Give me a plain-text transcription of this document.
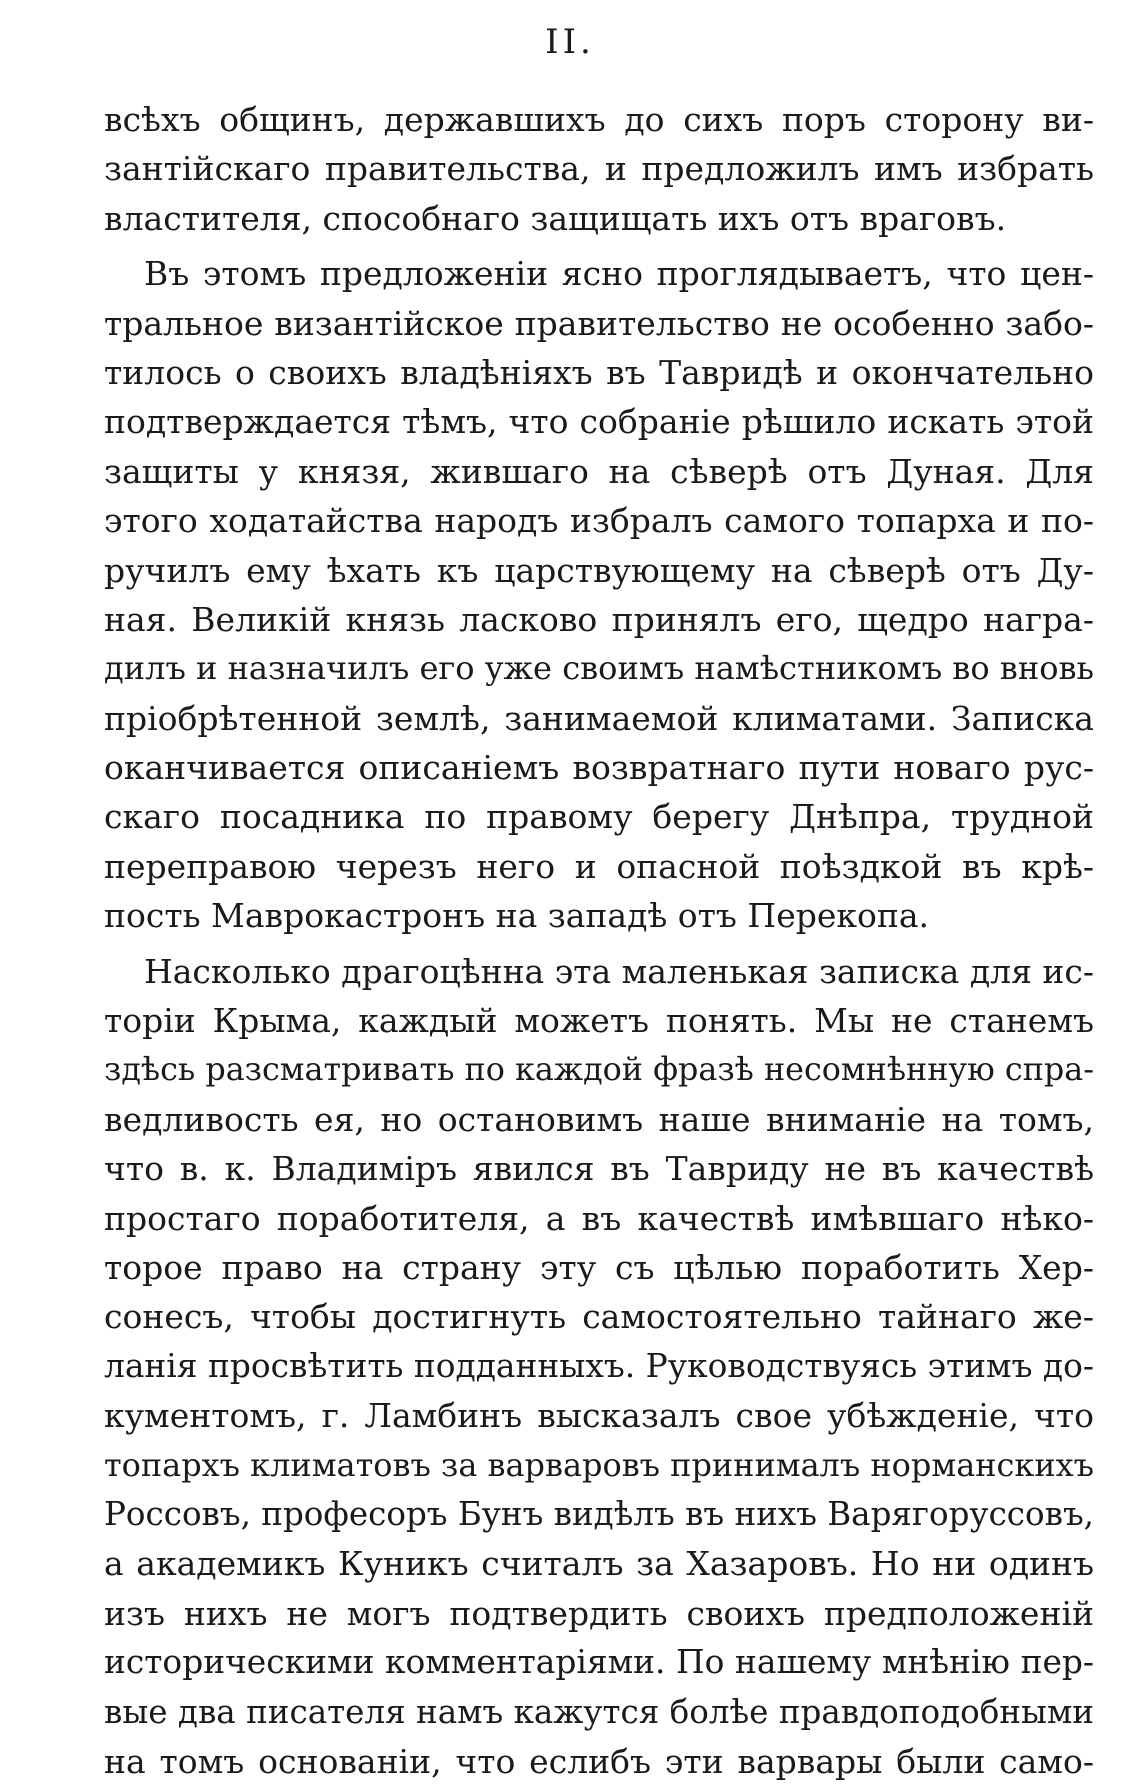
II.
всѣхъ общинъ, державшихъ до сихъ поръ сторону ви-
зантійскаго правительства, и предложилъ имъ избрать
властителя, способнаго защищать ихъ отъ враговъ.
Въ этомъ предложеніи ясно проглядываетъ, что цен-
тральное византійское правительство не особенно забо-
тилось о своихъ владѣніяхъ въ Тавридѣ и окончательно
подтверждается тѣмъ, что собраніе рѣшило искать этой
защиты у князя, жившаго на сѣверѣ отъ Дуная. Для
этого ходатайства народъ избралъ самого топарха и по-
ручилъ ему ѣхать къ царствующему на сѣверѣ отъ Ду-
ная. Великій князь ласково принялъ его, щедро награ-
дилъ и назначилъ его уже своимъ намѣстникомъ во вновь
пріобрѣтенной землѣ, занимаемой климатами. Записка
оканчивается описаніемъ возвратнаго пути новаго рус-
скаго посадника по правому берегу Днѣпра, трудной
переправою черезъ него и опасной поѣздкой въ крѣ-
пость Маврокастронъ на западѣ отъ Перекопа.
Насколько драгоцѣнна эта маленькая записка для ис-
торіи Крыма, каждый можетъ понять. Мы не станемъ
здѣсь разсматривать по каждой фразѣ несомнѣнную спра-
ведливость ея, но остановимъ наше вниманіе на томъ,
что в. к. Владиміръ явился въ Тавриду не въ качествѣ
простаго поработителя, а въ качествѣ имѣвшаго нѣко-
торое право на страну эту съ цѣлью поработить Хер-
сонесъ, чтобы достигнуть самостоятельно тайнаго же-
ланія просвѣтить подданныхъ. Руководствуясь этимъ до-
кументомъ, г. Ламбинъ высказалъ свое убѣжденіе, что
топархъ климатовъ за варваровъ принималъ норманскихъ
Россовъ, професоръ Бунъ видѣлъ въ нихъ Варягоруссовъ,
а академикъ Куникъ считалъ за Хазаровъ. Но ни одинъ
изъ нихъ не могъ подтвердить своихъ предположеній
историческими комментаріями. По нашему мнѣнію пер-
вые два писателя намъ кажутся болѣе правдоподобными
на томъ основаніи, что еслибъ эти варвары были само-
